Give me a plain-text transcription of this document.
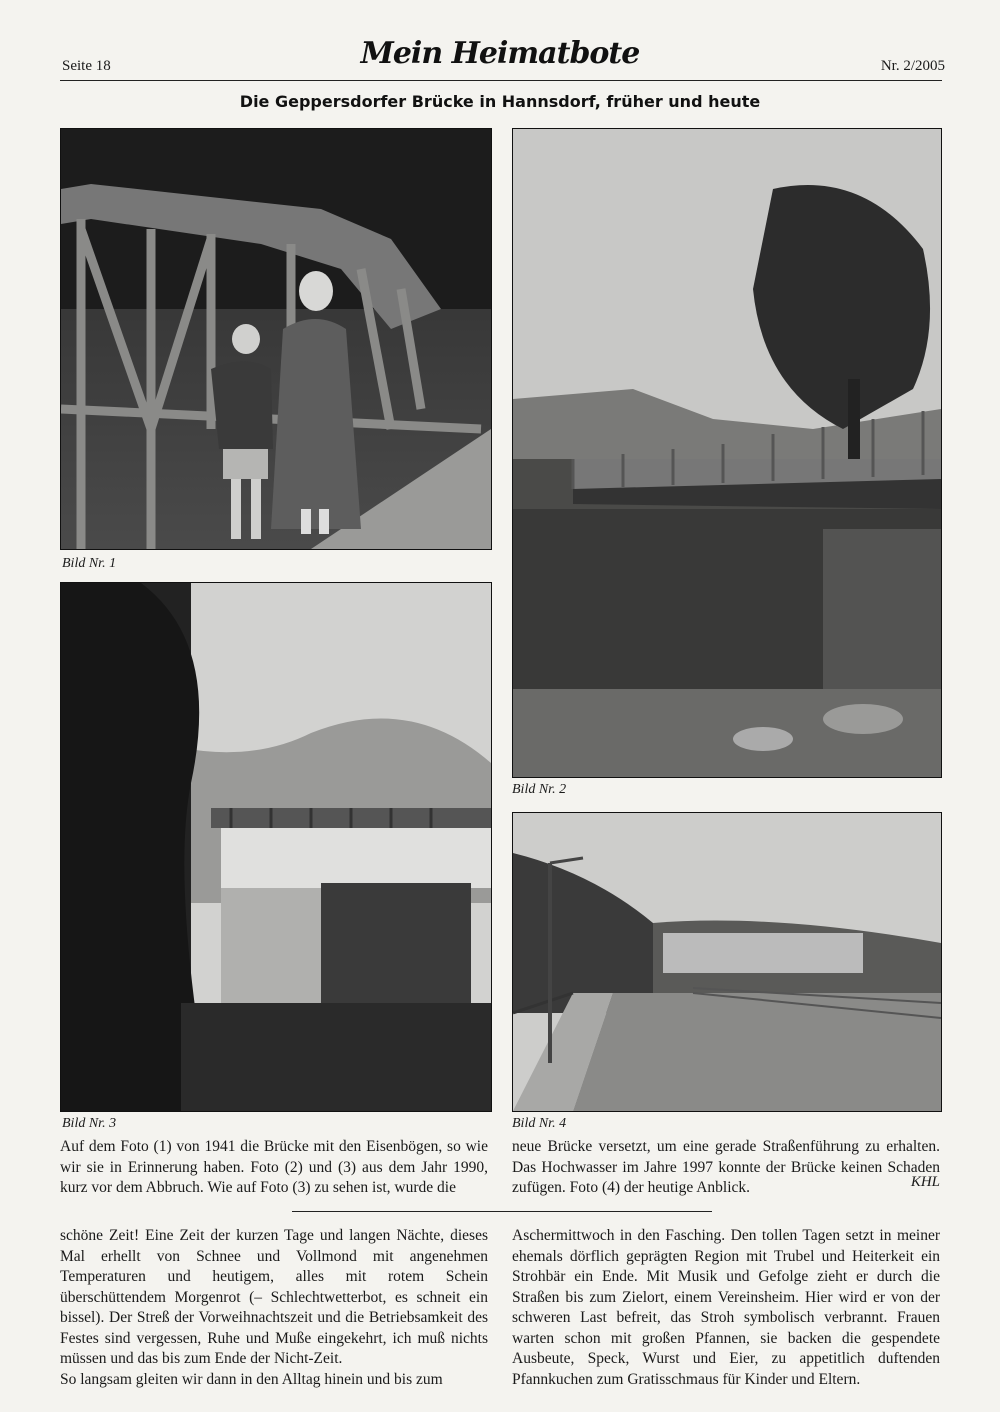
Seite 18	Mein Heimatbote	Nr. 2/2005
Die Geppersdorfer Brücke in Hannsdorf, früher und heute
Bild Nr. 1
Bild Nr. 2
Bild Nr. 3	Bild Nr. 4
Auf dem Foto (1) von 1941 die Brücke mit den Eisenbögen, so wie wir sie in Erinnerung haben. Foto (2) und (3) aus dem Jahr 1990, kurz vor dem Abbruch. Wie auf Foto (3) zu sehen ist, wurde die
neue Brücke versetzt, um eine gerade Straßenführung zu erhalten. Das Hochwasser im Jahre 1997 konnte der Brücke keinen Schaden zufügen. Foto (4) der heutige Anblick.	KHL
schöne Zeit! Eine Zeit der kurzen Tage und langen Nächte, dieses Mal erhellt von Schnee und Vollmond mit angenehmen Temperaturen und heutigem, alles mit rotem Schein überschüttendem Morgenrot (– Schlechtwetterbot, es schneit ein bissel). Der Streß der Vorweihnachtszeit und die Betriebsamkeit des Festes sind vergessen, Ruhe und Muße eingekehrt, ich muß nichts müssen und das bis zum Ende der Nicht-Zeit.
So langsam gleiten wir dann in den Alltag hinein und bis zum
Aschermittwoch in den Fasching. Den tollen Tagen setzt in meiner ehemals dörflich geprägten Region mit Trubel und Heiterkeit ein Strohbär ein Ende. Mit Musik und Gefolge zieht er durch die Straßen bis zum Zielort, einem Vereinsheim. Hier wird er von der schweren Last befreit, das Stroh symbolisch verbrannt. Frauen warten schon mit großen Pfannen, sie backen die gespendete Ausbeute, Speck, Wurst und Eier, zu appetitlich duftenden Pfannkuchen zum Gratisschmaus für Kinder und Eltern.
